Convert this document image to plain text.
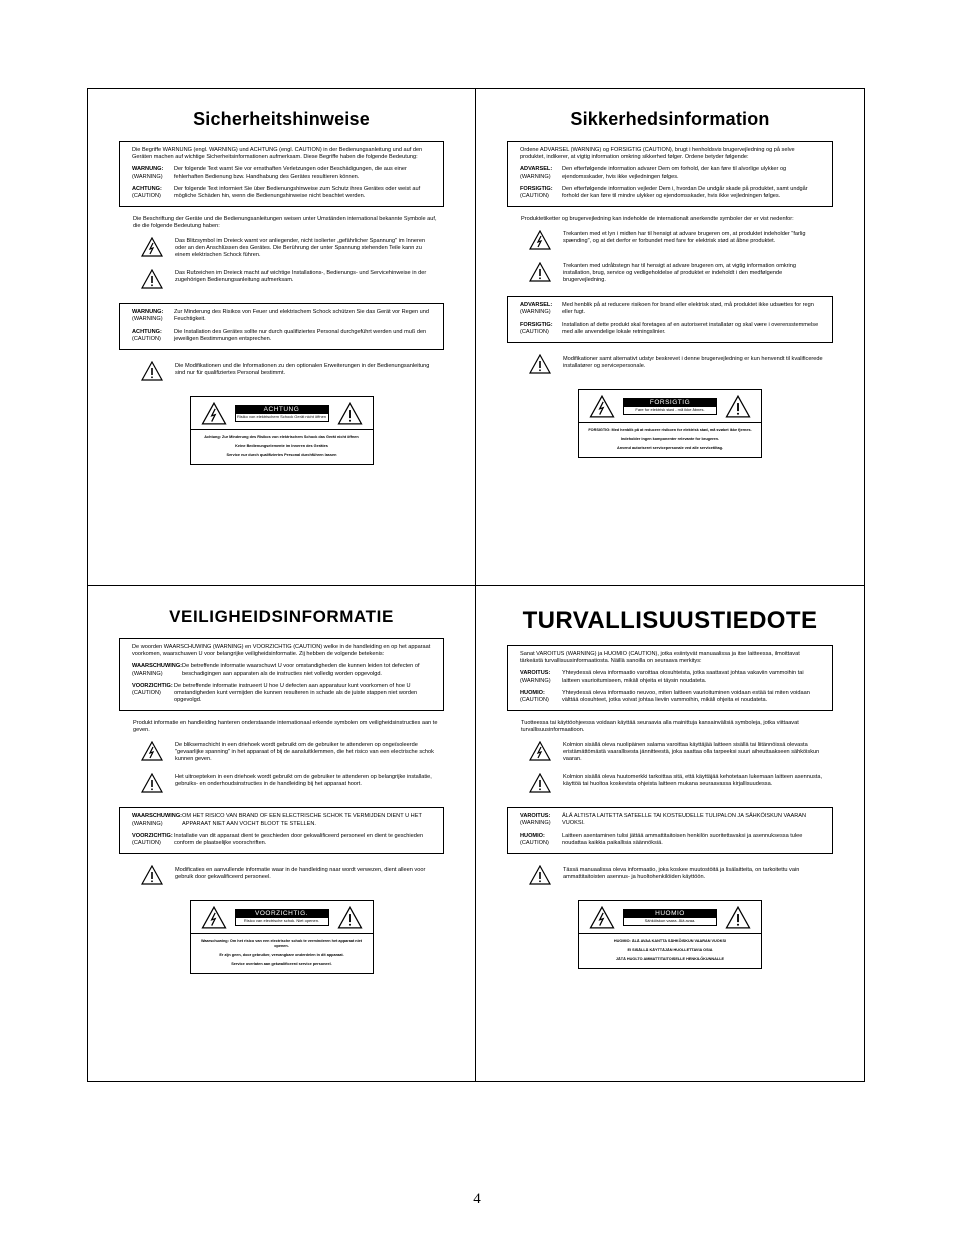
Sicherheitshinweise

Die Begriffe WARNUNG (engl. WARNING) und ACHTUNG (engl. CAUTION) in der Bedienungsanleitung und auf den Geräten machen auf wichtige Sicherheitsinformationen aufmerksam. Diese Begriffe haben die folgende Bedeutung:

WARNUNG:
(WARNING)
Der folgende Text warnt Sie vor ernsthaften Verletzungen oder Beschädigungen, die aus einer fehlerhaften Bedienung bzw. Handhabung des Gerätes resultieren können.
ACHTUNG:
(CAUTION)
Der folgende Text informiert Sie über Bedienungshinweise zum Schutz ihres Gerätes oder weist auf mögliche Schäden hin, wenn die Bedienungshinweise nicht beachtet werden.
Die Beschriftung der Geräte und die Bedienungsanleitungen weisen unter Umständen international bekannte Symbole auf, die die folgende Bedeutung haben:
Das Blitzsymbol im Dreieck warnt vor anliegender, nicht isolierter „gefährlicher Spannung" im Inneren oder an den Anschlüssen des Gerätes. Die Berührung der unter Spannung stehenden Teile kann zu einem elektrischen Schock führen.
Das Rufzeichen im Dreieck macht auf wichtige Installations-, Bedienungs- und Servicehinweise in der zugehörigen Bedienungsanleitung aufmerksam.
WARNUNG:
(WARNING)
Zur Minderung des Risikos von Feuer und elektrischem Schock schützen Sie das Gerät vor Regen und Feuchtigkeit.
ACHTUNG:
(CAUTION)
Die Installation des Gerätes sollte nur durch qualifiziertes Personal durchgeführt werden und muß den jeweiligen Bestimmungen entsprechen.
Die Modifikationen und die Informationen zu den optionalen Erweiterungen in der Bedienungsanleitung sind nur für qualifiziertes Personal bestimmt.
ACHTUNG
Risiko von elektrischem Schock Gerät nicht öffnen

Achtung: Zur Minderung des Risikos von elektrischem Schock das Gerät nicht öffnen

Keine Bedienungselemente im Inneren des Gerätes

Service nur durch qualifiziertes Personal durchführen lassen

Sikkerhedsinformation

Ordene ADVARSEL (WARNING) og FORSIGTIG (CAUTION), brugt i henholdsvis brugervejledning og på selve produktet, indikerer, at vigtig information omkring sikkerhed følger. Ordene betyder følgende:

ADVARSEL:
(WARNING)
Den efterfølgende information advarer Dem om forhold, der kan føre til alvorlige ulykker og ejendomsskader, hvis ikke vejledningen følges.
FORSIGTIG:
(CAUTION)
Den efterfølgende information vejleder Dem i, hvordan De undgår skade på produktet, samt undgår forhold der kan føre til mindre ulykker og ejendomsskader, hvis ikke vejledningen følges.
Produktetiketter og brugervejledning kan indeholde de internationalt anerkendte symboler der er vist nedenfor:
Trekanten med et lyn i midten har til hensigt at advare brugeren om, at produktet indeholder "farlig spænding", og at det derfor er forbundet med fare for elektrisk stød at åbne produktet.
Trekanten med udråbstegn har til hensigt at advare brugeren om, at vigtig information omkring installation, brug, service og vedligeholdelse af produktet er indeholdt i den medfølgende brugervejledning.
ADVARSEL:
(WARNING)
Med henblik på at reducere risikoen for brand eller elektrisk stød, må produktet ikke udsættes for regn eller fugt.
FORSIGTIG:
(CAUTION)
Installation af dette produkt skal foretages af en autoriseret installatør og skal være i overensstemmelse med alle anvendelige lokale retningslinier.
Modifikationer samt alternativt udstyr beskrevet i denne brugervejledning er kun henvendt til kvalificerede installatører og servicepersonale.
FORSIGTIG
Fare for elektrisk stød - må ikke åbnes.

FORSIGTIG: Med henblik på at reducere risikoen for elektrisk stød, må svøbet ikke fjernes.

Indeholder ingen komponenter relevante for brugeren.

Anvend autoriseret servicepersonale ved alle servicetiltag.

VEILIGHEIDSINFORMATIE

De woorden WAARSCHUWING (WARNING) en VOORZICHTIG (CAUTION) welke in de handleiding en op het apparaat voorkomen, waarschuwen U voor belangrijke veiligheidsinformatie. Zij hebben de volgende betekenis:

WAARSCHUWING:
(WARNING)
De betreffende informatie waarschuwt U voor omstandigheden die kunnen leiden tot defecten of beschadigingen aan apparaten als de instructies niet volledig worden opgevolgd.
VOORZICHTIG:
(CAUTION)
De betreffende informatie instrueert U hoe U defecten aan apparatuur kunt voorkomen of hoe U omstandigheden kunt vermijden die kunnen resulteren in schade als de juiste stappen niet worden opgevolgd.
Produkt informatie en handleiding hanteren onderstaande internationaal erkende symbolen om veiligheidsinstructies aan te geven.
De bliksemschicht in een driehoek wordt gebruikt om de gebruiker te attenderen op ongeïsoleerde "gevaarlijke spanning" in het apparaat of bij de aansluitklemmen, die het risico van een electrische schok kunnen geven.
Het uitroepteken in een driehoek wordt gebruikt om de gebruiker te attenderen op belangrijke installatie, gebruiks- en onderhoudsinstructies in de handleiding bij het apparaat hoort.
WAARSCHUWING:
(WARNING)
OM HET RISICO VAN BRAND OF EEN ELECTRISCHE SCHOK TE VERMIJDEN DIENT U HET APPARAAT NIET AAN VOCHT BLOOT TE STELLEN.
VOORZICHTIG:
(CAUTION)
Installatie van dit apparaat dient te geschieden door gekwalificeerd personeel en dient te geschieden conform de plaatselijke voorschriften.
Modificaties en aanvullende informatie waar in de handleiding naar wordt verwezen, dient alleen voor gebruik door gekwalificeerd personeel.
VOORZICHTIG.
Risico van electrische schok. Niet openen.

Waarschuwing: Om het risico van een electrische schok te verminderen het apparaat niet openen.

Er zijn geen, door gebruiker, vervangbare onderdelen in dit apparaat.

Service overlaten aan gekwalificeerd service personeel.

TURVALLISUUSTIEDOTE

Sanat VAROITUS (WARNING) ja HUOMIO (CAUTION), jotka esiintyvät manuaalissa ja itse laitteessa, ilmoittavat tärkeästä turvallisuusinformaatiosta. Näillä sanoilla on seuraava merkitys:

VAROITUS:
(WARNING)
Yhteydessä oleva informaatio varoittaa olosuhteista, jotka saattavat johtaa vakaviin vammoihin tai laitteen vaurioitumiseen, mikäli ohjeita ei täysin noudateta.
HUOMIO:
(CAUTION)
Yhteydessä oleva informaatio neuvoo, miten laitteen vaurioituminen voidaan estää tai miten voidaan välttää olosuhteet, jotka voivat johtaa lieviin vammoihin, mikäli ohjeita ei noudateta.
Tuotteessa tai käyttöohjeessa voidaan käyttää seuraavia alla mainittuja kansainvälisiä symboleja, jotka viittaavat turvallisuusinformaatioon.
Kolmion sisällä oleva nuolipäinen salama varoittaa käyttäjää laitteen sisällä tai liitännöissä olevasta eristämättömästä vaarallisesta jännitteestä, joka saattaa olla tarpeeksi suuri aiheuttaakseen sähköiskun vaaran.
Kolmion sisällä oleva huutomerkki tarkoittaa sitä, että käyttäjää kehotetaan lukemaan laitteen asennusta, käyttöä tai huoltoa koskevista ohjeista laitteen mukana seuraavassa kirjallisuudessa.
VAROITUS:
(WARNING)
ÄLÄ ALTISTA LAITETTA SATEELLE TAI KOSTEUDELLE TULIPALON JA SÄHKÖISKUN VAARAN VUOKSI.
HUOMIO:
(CAUTION)
Laitteen asentaminen tulisi jättää ammattitaitoisen henkilön suoritettavaksi ja asennuksessa tulee noudattaa kaikkia paikallisia säännöksiä.
Tässä manuaalissa oleva informaatio, joka koskee muutostöitä ja lisälaitteita, on tarkoitettu vain ammattitaitoisten asennus- ja huoltohenkilöiden käyttöön.
HUOMIO
Sähköiskun vaara. Älä avaa.

HUOMIO: ÄLÄ AVAA KANTTA SÄHKÖISKUN VAARAN VUOKSI

EI SISÄLLÄ KÄYTTÄJÄN HUOLLETTAVIA OSIA

JÄTÄ HUOLTO AMMATTITAITOISELLE HENKILÖKUNNALLE

4
